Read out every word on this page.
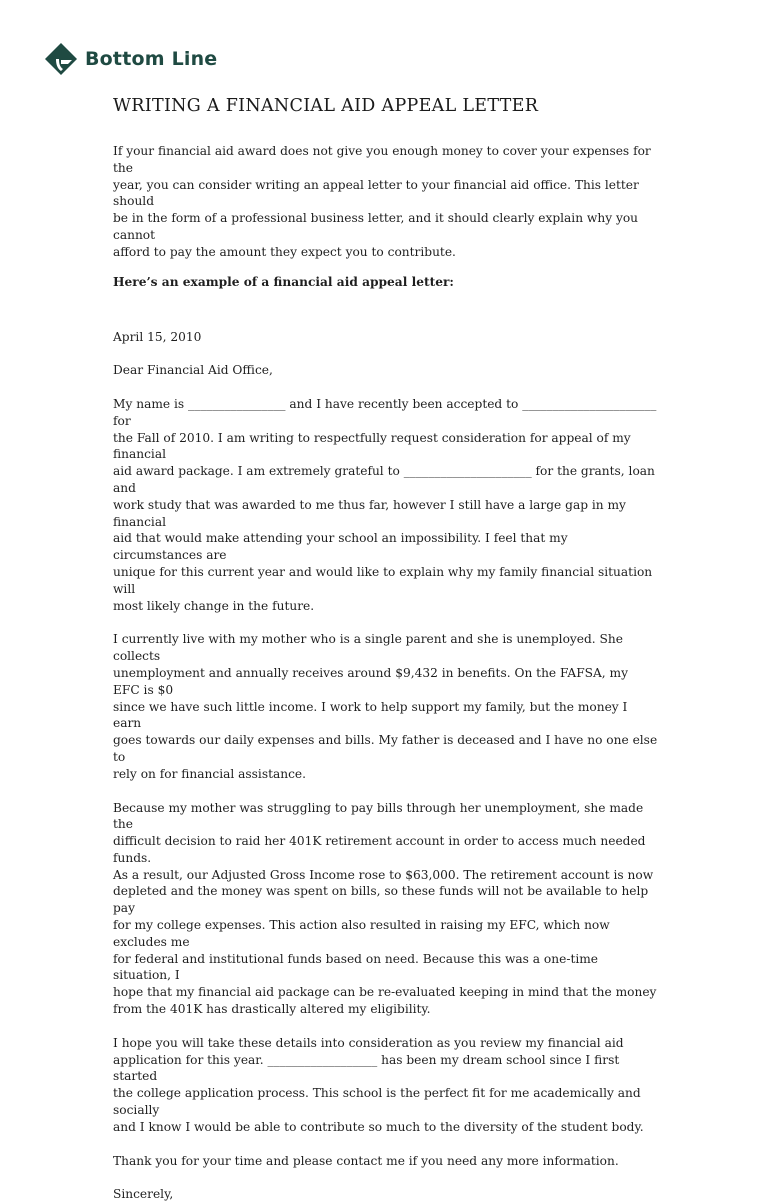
Bottom Line
WRITING A FINANCIAL AID APPEAL LETTER

If your financial aid award does not give you enough money to cover your expenses for the
year, you can consider writing an appeal letter to your financial aid office. This letter should
be in the form of a professional business letter, and it should clearly explain why you cannot
afford to pay the amount they expect you to contribute.

Here’s an example of a financial aid appeal letter:

April 15, 2010

Dear Financial Aid Office,

My name is ________________ and I have recently been accepted to ______________________ for
the Fall of 2010. I am writing to respectfully request consideration for appeal of my financial
aid award package. I am extremely grateful to _____________________ for the grants, loan and
work study that was awarded to me thus far, however I still have a large gap in my financial
aid that would make attending your school an impossibility. I feel that my circumstances are
unique for this current year and would like to explain why my family financial situation will
most likely change in the future.

I currently live with my mother who is a single parent and she is unemployed. She collects
unemployment and annually receives around $9,432 in benefits. On the FAFSA, my EFC is $0
since we have such little income. I work to help support my family, but the money I earn
goes towards our daily expenses and bills. My father is deceased and I have no one else to
rely on for financial assistance.

Because my mother was struggling to pay bills through her unemployment, she made the
difficult decision to raid her 401K retirement account in order to access much needed funds.
As a result, our Adjusted Gross Income rose to $63,000. The retirement account is now
depleted and the money was spent on bills, so these funds will not be available to help pay
for my college expenses. This action also resulted in raising my EFC, which now excludes me
for federal and institutional funds based on need. Because this was a one-time situation, I
hope that my financial aid package can be re-evaluated keeping in mind that the money
from the 401K has drastically altered my eligibility.

I hope you will take these details into consideration as you review my financial aid
application for this year. __________________ has been my dream school since I first started
the college application process. This school is the perfect fit for me academically and socially
and I know I would be able to contribute so much to the diversity of the student body.

Thank you for your time and please contact me if you need any more information.

Sincerely,
